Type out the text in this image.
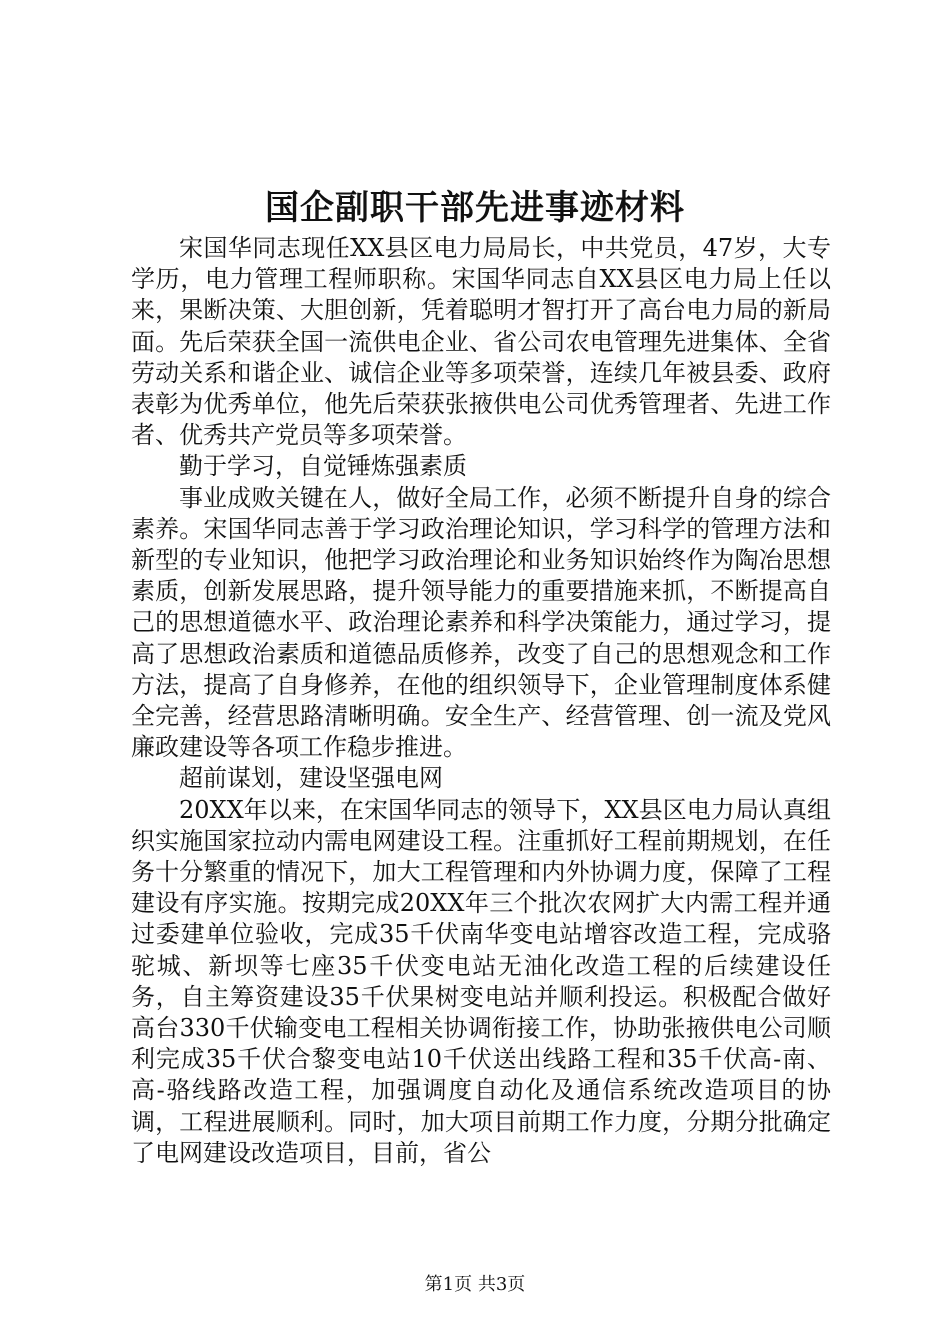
国企副职干部先进事迹材料

宋国华同志现任XX县区电力局局长，中共党员，47岁，大专学历，电力管理工程师职称。宋国华同志自XX县区电力局上任以来，果断决策、大胆创新，凭着聪明才智打开了高台电力局的新局面。先后荣获全国一流供电企业、省公司农电管理先进集体、全省劳动关系和谐企业、诚信企业等多项荣誉，连续几年被县委、政府表彰为优秀单位，他先后荣获张掖供电公司优秀管理者、先进工作者、优秀共产党员等多项荣誉。

勤于学习，自觉锤炼强素质

事业成败关键在人，做好全局工作，必须不断提升自身的综合素养。宋国华同志善于学习政治理论知识，学习科学的管理方法和新型的专业知识，他把学习政治理论和业务知识始终作为陶冶思想素质，创新发展思路，提升领导能力的重要措施来抓，不断提高自己的思想道德水平、政治理论素养和科学决策能力，通过学习，提高了思想政治素质和道德品质修养，改变了自己的思想观念和工作方法，提高了自身修养，在他的组织领导下，企业管理制度体系健全完善，经营思路清晰明确。安全生产、经营管理、创一流及党风廉政建设等各项工作稳步推进。

超前谋划，建设坚强电网

20XX年以来，在宋国华同志的领导下，XX县区电力局认真组织实施国家拉动内需电网建设工程。注重抓好工程前期规划，在任务十分繁重的情况下，加大工程管理和内外协调力度，保障了工程建设有序实施。按期完成20XX年三个批次农网扩大内需工程并通过委建单位验收，完成35千伏南华变电站增容改造工程，完成骆驼城、新坝等七座35千伏变电站无油化改造工程的后续建设任务，自主筹资建设35千伏果树变电站并顺利投运。积极配合做好高台330千伏输变电工程相关协调衔接工作，协助张掖供电公司顺利完成35千伏合黎变电站10千伏送出线路工程和35千伏高-南、高-骆线路改造工程，加强调度自动化及通信系统改造项目的协调，工程进展顺利。同时，加大项目前期工作力度，分期分批确定了电网建设改造项目，目前，省公

第1页 共3页
